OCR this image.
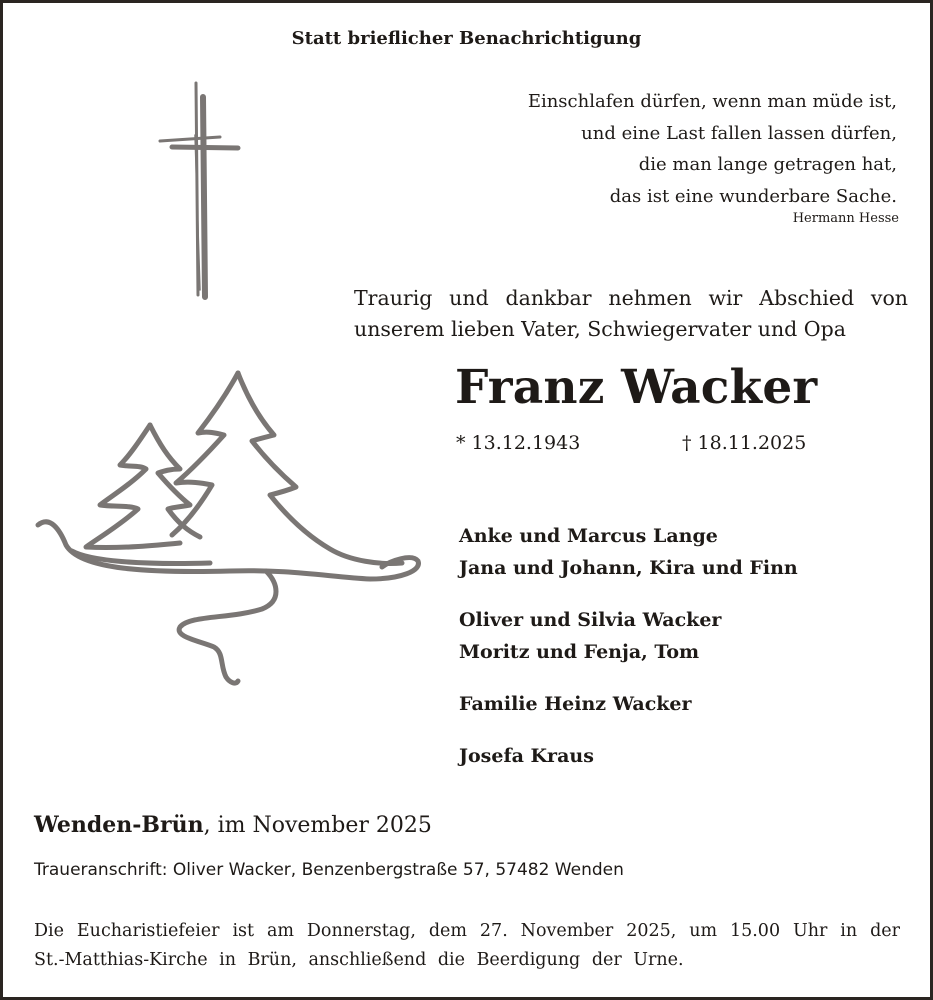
Statt brieflicher Benachrichtigung
Einschlafen dürfen, wenn man müde ist,
und eine Last fallen lassen dürfen,
die man lange getragen hat,
das ist eine wunderbare Sache.
Hermann Hesse
Traurig und dankbar nehmen wir Abschied von
unserem lieben Vater, Schwiegervater und Opa
Franz Wacker
* 13.12.1943	† 18.11.2025
Anke und Marcus Lange
Jana und Johann, Kira und Finn
Oliver und Silvia Wacker
Moritz und Fenja, Tom
Familie Heinz Wacker
Josefa Kraus
Wenden-Brün, im November 2025
Traueranschrift: Oliver Wacker, Benzenbergstraße 57, 57482 Wenden
Die Eucharistiefeier ist am Donnerstag, dem 27. November 2025, um 15.00 Uhr in der
St.-Matthias-Kirche in Brün, anschließend die Beerdigung der Urne.
